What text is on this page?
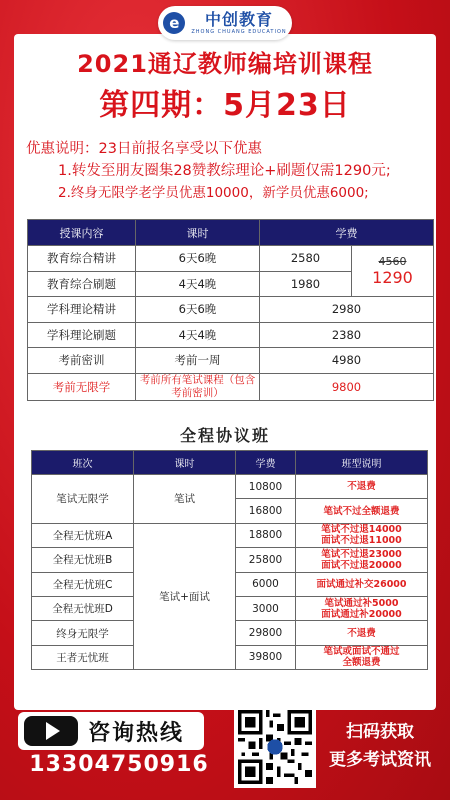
e	中创教育
ZHONG CHUANG EDUCATION
2021通辽教师编培训课程
第四期：5月23日
优惠说明：23日前报名享受以下优惠
1.转发至朋友圈集28赞教综理论+刷题仅需1290元;
2.终身无限学老学员优惠10000，新学员优惠6000;
授课内容	课时	学费	
教育综合精讲	6天6晚	2580	4560
1290

教育综合刷题	4天4晚	1980	
学科理论精讲	6天6晚	2980	
学科理论刷题	4天4晚	2380	
考前密训	考前一周	4980	
考前无限学	考前所有笔试课程（包含考前密训）	9800	
全程协议班
班次	课时	学费	班型说明
笔试无限学	笔试	10800	不退费
		16800	笔试不过全额退费
全程无忧班A	笔试+面试	18800	笔试不过退14000
面试不过退11000
全程无忧班B		25800	笔试不过退23000
面试不过退20000
全程无忧班C		6000	面试通过补交26000
全程无忧班D		3000	笔试通过补5000
面试通过补20000
终身无限学		29800	不退费
王者无忧班		39800	笔试或面试不通过
全额退费
咨询热线
13304750916
扫码获取
更多考试资讯
